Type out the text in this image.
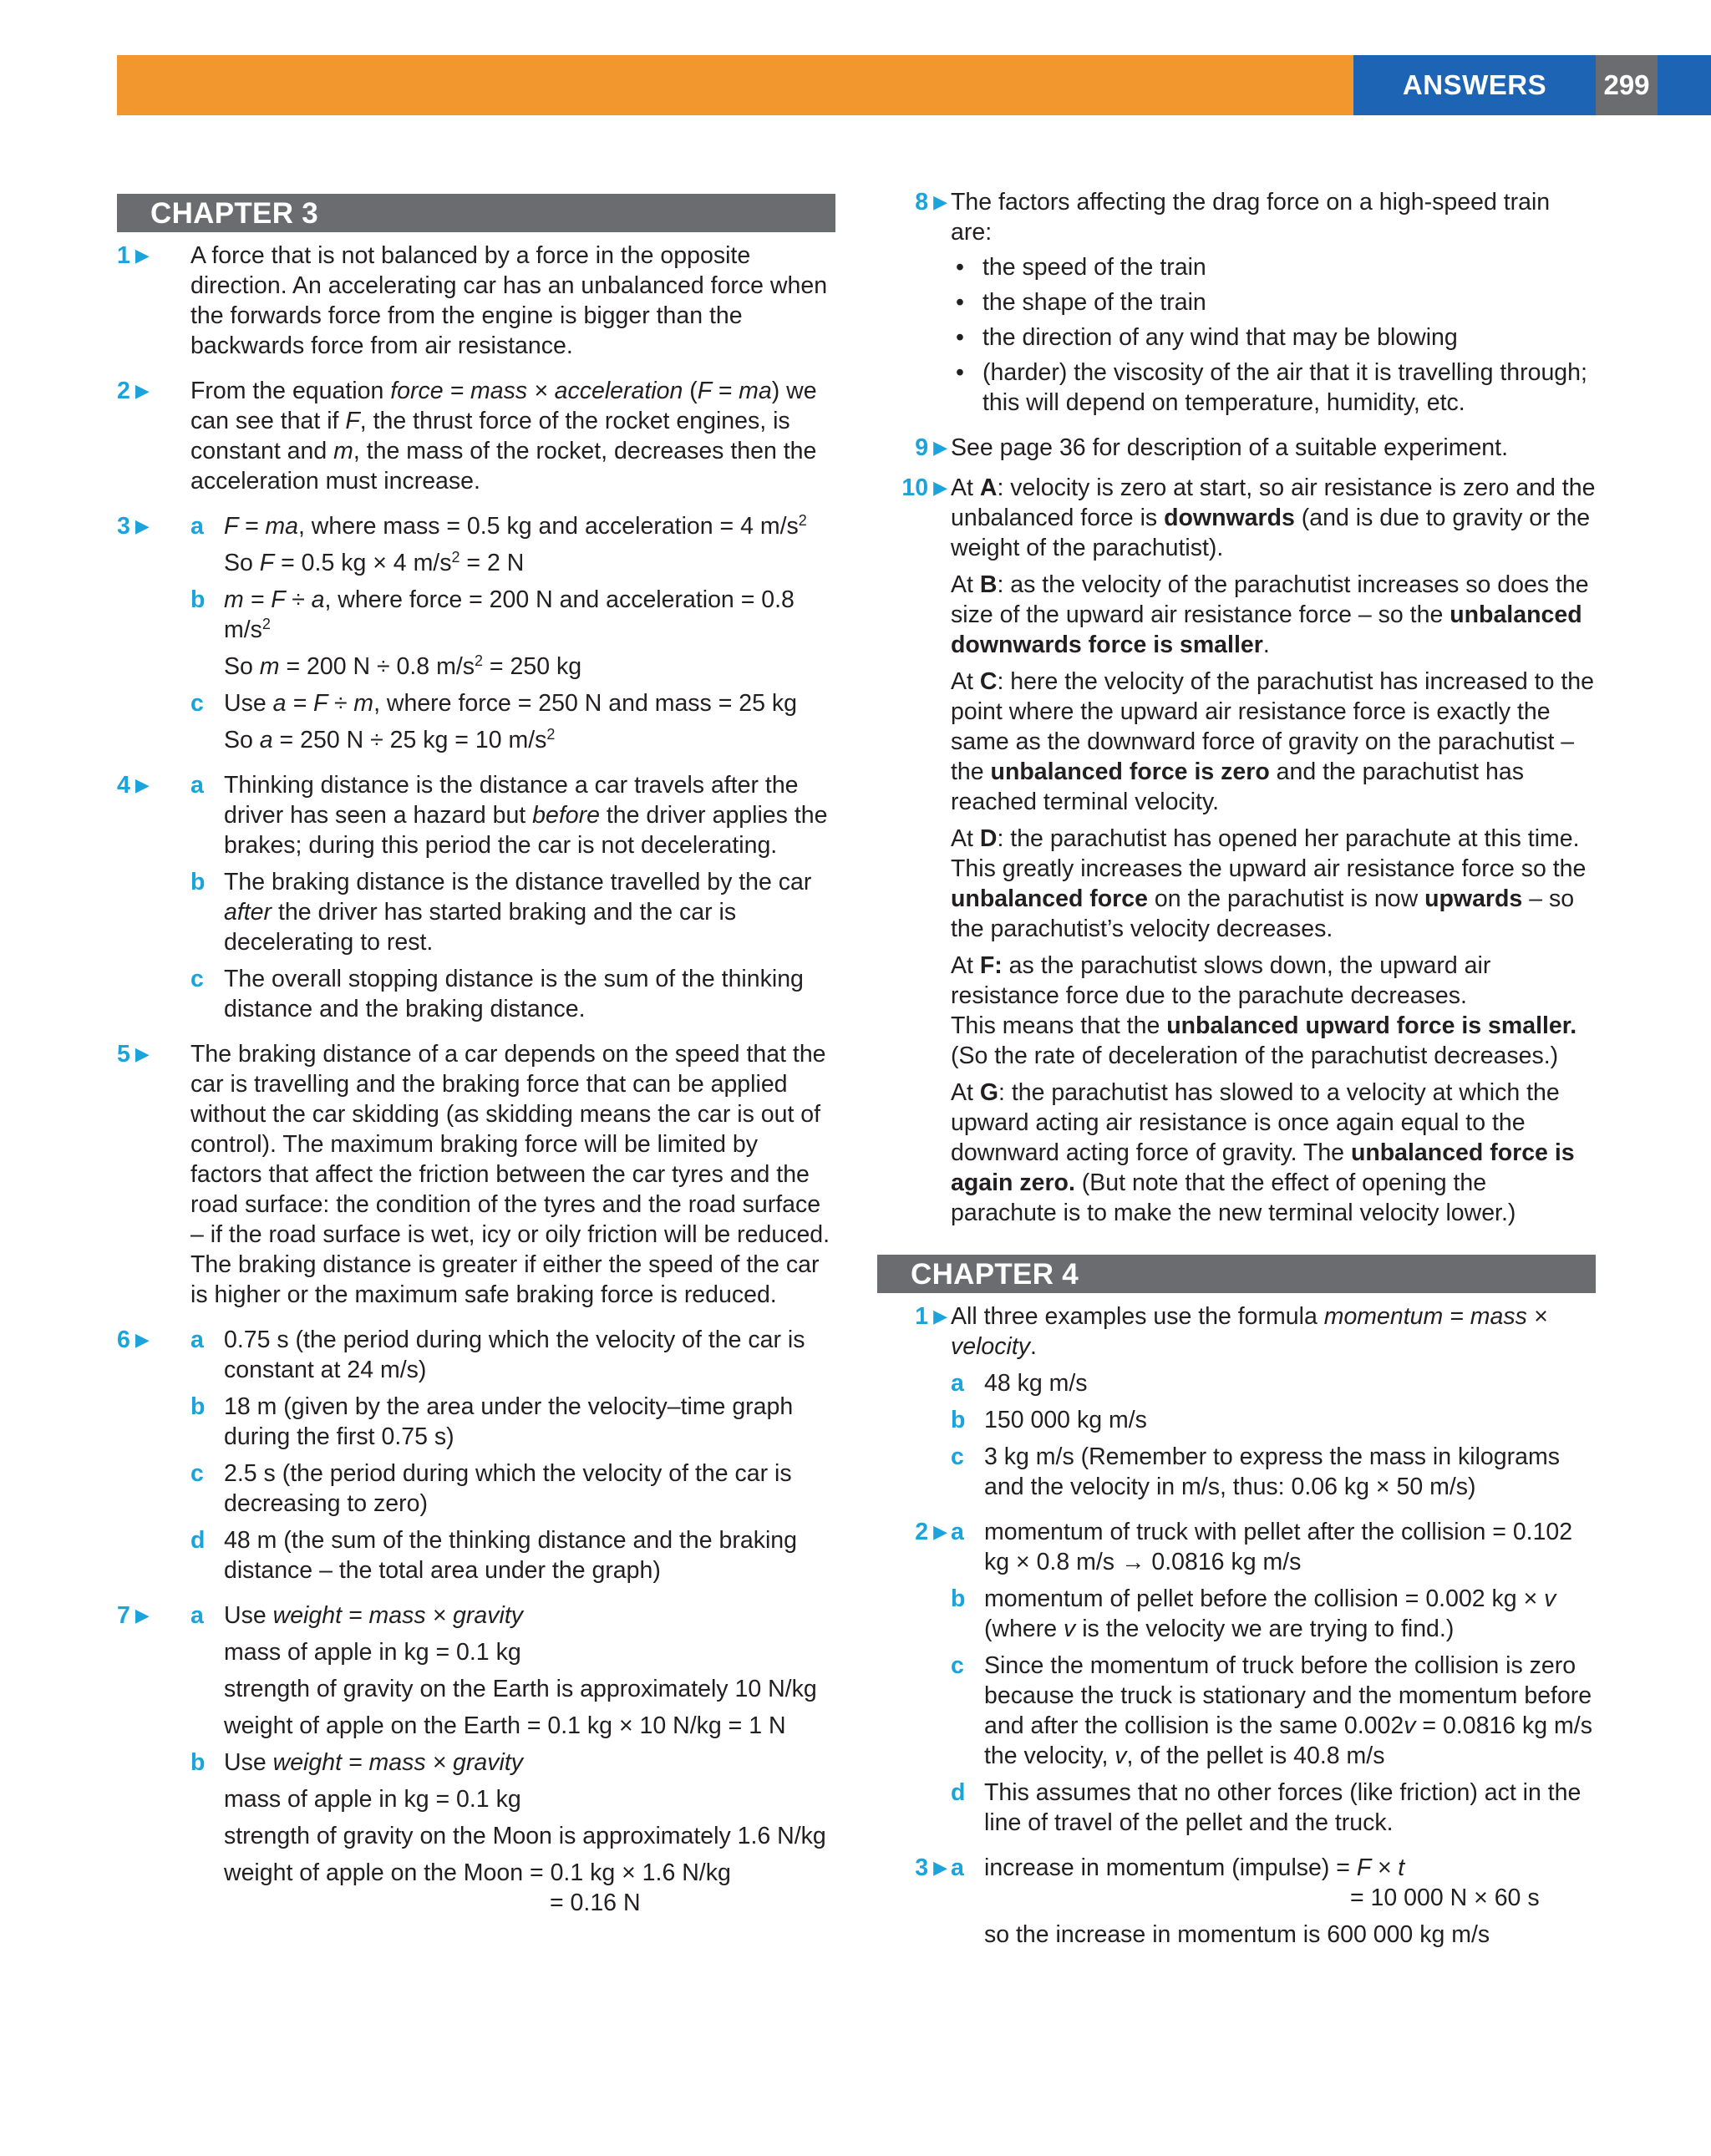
ANSWERS	299
CHAPTER 3
1 ▶	A force that is not balanced by a force in the opposite direction. An accelerating car has an unbalanced force when the forwards force from the engine is bigger than the backwards force from air resistance.

2 ▶	From the equation force = mass × acceleration (F = ma) we can see that if F, the thrust force of the rocket engines, is constant and m, the mass of the rocket, decreases then the acceleration must increase.

3 ▶	a F = ma, where mass = 0.5 kg and acceleration = 4 $m/s^2$

So F = 0.5 kg × 4 $m/s^2 = 2$ N

b m = F ÷ a, where force = 200 N and acceleration = 0.8 $m/s^2$

So m = 200 N ÷ 0.8 $m/s^2 = 250$ kg

c Use a = F ÷ m, where force = 250 N and mass = 25 kg

So a = 250 N ÷ 25 kg = 10 $m/s^2$

4 ▶	a Thinking distance is the distance a car travels after the driver has seen a hazard but before the driver applies the brakes; during this period the car is not decelerating.

b The braking distance is the distance travelled by the car after the driver has started braking and the car is decelerating to rest.

c The overall stopping distance is the sum of the thinking distance and the braking distance.

5 ▶	The braking distance of a car depends on the speed that the car is travelling and the braking force that can be applied without the car skidding (as skidding means the car is out of control). The maximum braking force will be limited by factors that affect the friction between the car tyres and the road surface: the condition of the tyres and the road surface – if the road surface is wet, icy or oily friction will be reduced. The braking distance is greater if either the speed of the car is higher or the maximum safe braking force is reduced.

6 ▶	a 0.75 s (the period during which the velocity of the car is constant at 24 m/s)

b 18 m (given by the area under the velocity–time graph during the first 0.75 s)

c 2.5 s (the period during which the velocity of the car is decreasing to zero)

d 48 m (the sum of the thinking distance and the braking distance – the total area under the graph)

7 ▶	a Use weight = mass × gravity

mass of apple in kg = 0.1 kg

strength of gravity on the Earth is approximately 10 N/kg

weight of apple on the Earth = 0.1 kg × 10 N/kg = 1 N

b Use weight = mass × gravity

mass of apple in kg = 0.1 kg

strength of gravity on the Moon is approximately 1.6 N/kg

weight of apple on the Moon = 0.1 kg × 1.6 N/kg

= 0.16 N

8 ▶ The factors affecting the drag force on a high-speed train are:

• the speed of the train
• the shape of the train
• the direction of any wind that may be blowing
• (harder) the viscosity of the air that it is travelling through; this will depend on temperature, humidity, etc.
9 ▶ See page 36 for description of a suitable experiment.

10 ▶ At A: velocity is zero at start, so air resistance is zero and the unbalanced force is downwards (and is due to gravity or the weight of the parachutist).

At B: as the velocity of the parachutist increases so does the size of the upward air resistance force – so the unbalanced downwards force is smaller.

At C: here the velocity of the parachutist has increased to the point where the upward air resistance force is exactly the same as the downward force of gravity on the parachutist – the unbalanced force is zero and the parachutist has reached terminal velocity.

At D: the parachutist has opened her parachute at this time. This greatly increases the upward air resistance force so the unbalanced force on the parachutist is now upwards – so the parachutist’s velocity decreases.

At F: as the parachutist slows down, the upward air resistance force due to the parachute decreases.

This means that the unbalanced upward force is smaller. (So the rate of deceleration of the parachutist decreases.)

At G: the parachutist has slowed to a velocity at which the upward acting air resistance is once again equal to the downward acting force of gravity. The unbalanced force is again zero. (But note that the effect of opening the parachute is to make the new terminal velocity lower.)

CHAPTER 4
1 ▶ All three examples use the formula momentum = mass × velocity.

a 48 kg m/s

b 150 000 kg m/s

c 3 kg m/s (Remember to express the mass in kilograms and the velocity in m/s, thus: 0.06 kg × 50 m/s)

2 ▶ a momentum of truck with pellet after the collision = 0.102 kg × 0.8 m/s → 0.0816 kg m/s

b momentum of pellet before the collision = 0.002 kg × v (where v is the velocity we are trying to find.)

c Since the momentum of truck before the collision is zero because the truck is stationary and the momentum before and after the collision is the same 0.002v = 0.0816 kg m/s the velocity, v, of the pellet is 40.8 m/s

d This assumes that no other forces (like friction) act in the line of travel of the pellet and the truck.

3 ▶ a increase in momentum (impulse) = F × t

= 10 000 N × 60 s

so the increase in momentum is 600 000 kg m/s
